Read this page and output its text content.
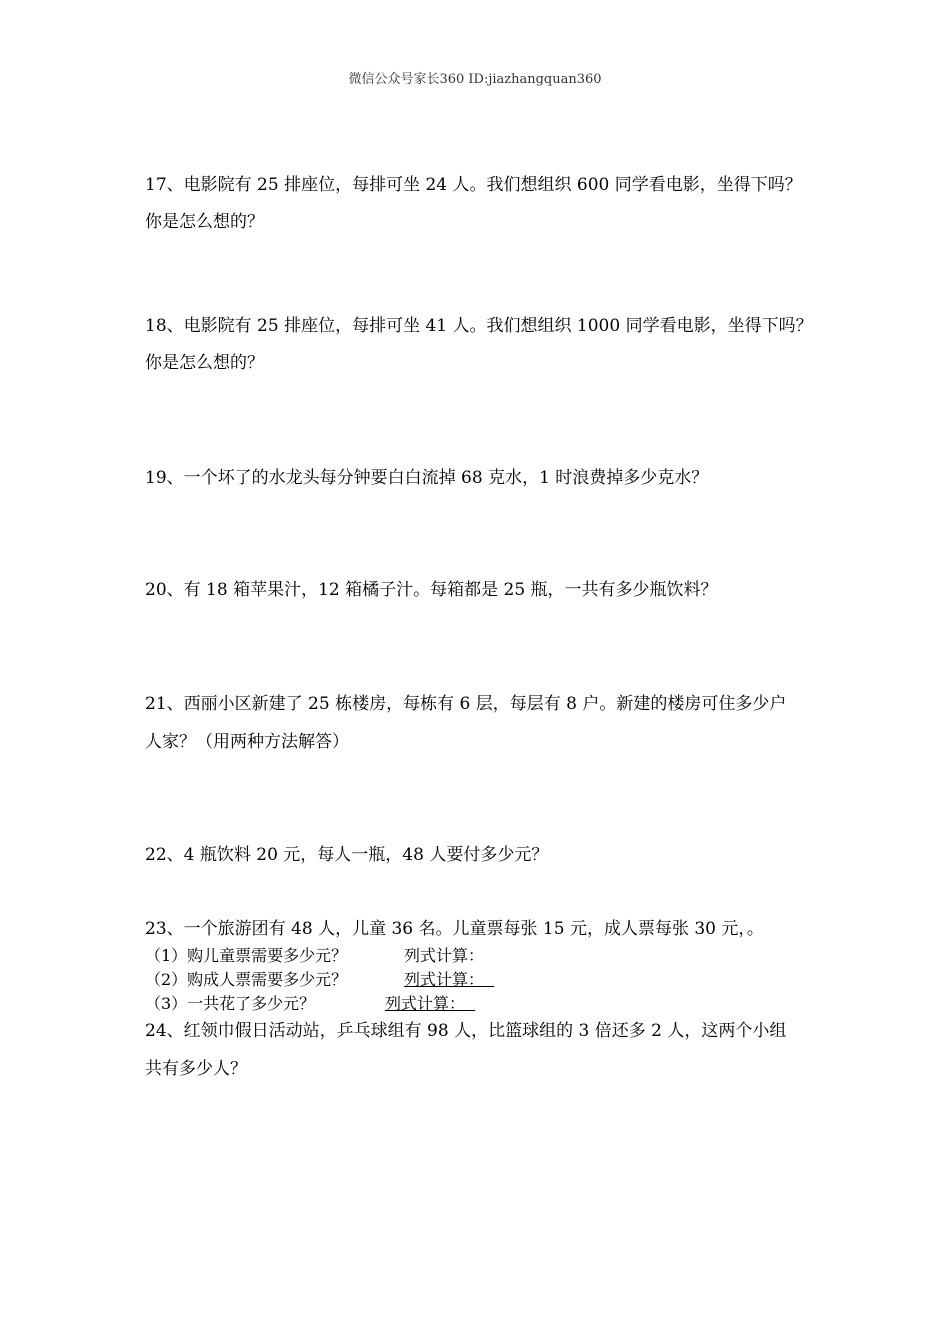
微信公众号家长360 ID:jiazhangquan360
17、电影院有 25 排座位，每排可坐 24 人。我们想组织 600 同学看电影，坐得下吗？
你是怎么想的？
18、电影院有 25 排座位，每排可坐 41 人。我们想组织 1000 同学看电影，坐得下吗？
你是怎么想的？
19、一个坏了的水龙头每分钟要白白流掉 68 克水，1 时浪费掉多少克水？
20、有 18 箱苹果汁，12 箱橘子汁。每箱都是 25 瓶，一共有多少瓶饮料？
21、西丽小区新建了 25 栋楼房，每栋有 6 层，每层有 8 户。新建的楼房可住多少户
人家？（用两种方法解答）
22、4 瓶饮料 20 元，每人一瓶，48 人要付多少元？
23、一个旅游团有 48 人，儿童 36 名。儿童票每张 15 元，成人票每张 30 元，。
（1）购儿童票需要多少元？	列式计算：
（2）购成人票需要多少元？	列式计算：
（3）一共花了多少元？	列式计算：
24、红领巾假日活动站，乒乓球组有 98 人，比篮球组的 3 倍还多 2 人，这两个小组
共有多少人？
